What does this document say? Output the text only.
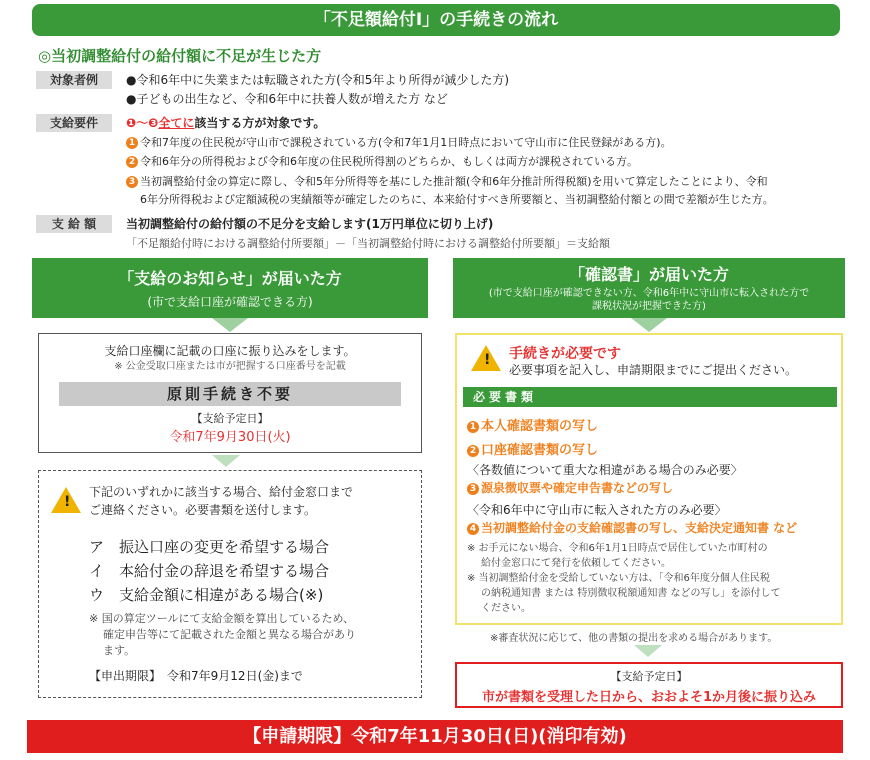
「不足額給付Ⅰ」の手続きの流れ
◎当初調整給付の給付額に不足が生じた方
対象者例	●令和6年中に失業または転職された方(令和5年より所得が減少した方)
●子どもの出生など、令和6年中に扶養人数が増えた方 など
支給要件	❶～❸全てに該当する方が対象です。
1 令和7年度の住民税が守山市で課税されている方(令和7年1月1日時点において守山市に住民登録がある方)。
2 令和6年分の所得税および令和6年度の住民税所得割のどちらか、もしくは両方が課税されている方。
3 当初調整給付金の算定に際し、令和5年分所得等を基にした推計額(令和6年分推計所得税額)を用いて算定したことにより、令和
6年分所得税および定額減税の実績額等が確定したのちに、本来給付すべき所要額と、当初調整給付額との間で差額が生じた方。
支 給 額	当初調整給付の給付額の不足分を支給します(1万円単位に切り上げ)
「不足額給付時における調整給付所要額」－「当初調整給付時における調整給付所要額」＝支給額
「支給のお知らせ」が届いた方
(市で支給口座が確認できる方)
支給口座欄に記載の口座に振り込みをします。
※ 公金受取口座または市が把握する口座番号を記載
原則手続き不要
【支給予定日】
令和7年9月30日(火)
!
下記のいずれかに該当する場合、給付金窓口まで
ご連絡ください。必要書類を送付します。
ア　 振込口座の変更を希望する場合
イ　 本給付金の辞退を希望する場合
ウ　 支給金額に相違がある場合(※)
※ 国の算定ツールにて支給金額を算出しているため、
確定申告等にて記載された金額と異なる場合があり
ます。
【申出期限】　 令和7年9月12日(金)まで
「確認書」が届いた方
(市で支給口座が確認できない方、令和6年中に守山市に転入された方で
課税状況が把握できた方)
! 手続きが必要です
必要事項を記入し、申請期限までにご提出ください。
必要書類
1 本人確認書類の写し
2 口座確認書類の写し
〈各数値について重大な相違がある場合のみ必要〉
3 源泉徴収票や確定申告書などの写し
〈令和6年中に守山市に転入された方のみ必要〉
4 当初調整給付金の支給確認書の写し、支給決定通知書 など
※ お手元にない場合、令和6年1月1日時点で居住していた市町村の
給付金窓口にて発行を依頼してください。
※ 当初調整給付金を受給していない方は、「令和6年度分個人住民税
の納税通知書 または 特別徴収税額通知書 などの写し」を添付して
ください。
※審査状況に応じて、他の書類の提出を求める場合があります。
【支給予定日】
市が書類を受理した日から、おおよそ1か月後に振り込み
【申請期限】令和7年11月30日(日)(消印有効)
